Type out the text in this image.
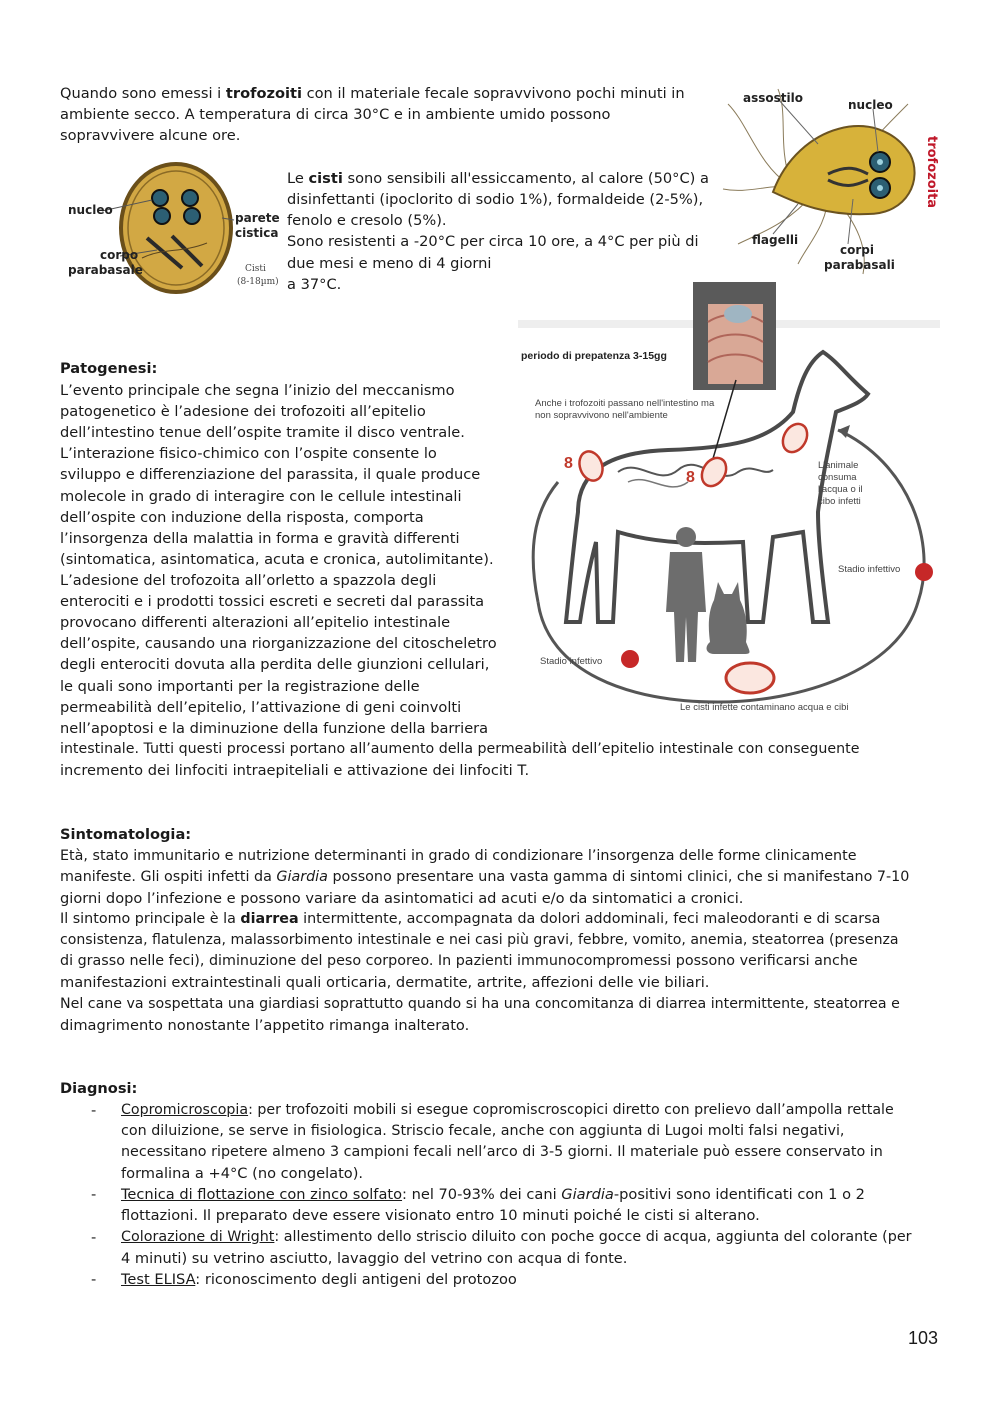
Quando sono emessi i trofozoiti con il materiale fecale sopravvivono pochi minuti in
ambiente secco. A temperatura di circa 30°C e in ambiente umido possono
sopravvivere alcune ore.
assostilo	nucleo
flagelli
corpi
parabasali
trofozoita
nucleo
parete
cistica
corpo
parabasale	Cisti
(8-18µm)
Le cisti sono sensibili all'essiccamento, al calore (50°C) a
disinfettanti (ipoclorito di sodio 1%), formaldeide (2-5%),
fenolo e cresolo (5%).
Sono resistenti a -20°C per circa 10 ore, a 4°C per più di
due mesi e meno di 4 giorni
a 37°C.
periodo di prepatenza 3-15gg
Anche i trofozoiti passano nell'intestino ma
non sopravvivono nell'ambiente
8
8
L'animale
consuma
l'acqua o il
cibo infetti
Stadio infettivo
Stadio infettivo
Le cisti infette contaminano acqua e cibi
Patogenesi:
L’evento principale che segna l’inizio del meccanismo
patogenetico è l’adesione dei trofozoiti all’epitelio
dell’intestino tenue dell’ospite tramite il disco ventrale.
L’interazione fisico-chimico con l’ospite consente lo
sviluppo e differenziazione del parassita, il quale produce
molecole in grado di interagire con le cellule intestinali
dell’ospite con induzione della risposta, comporta
l’insorgenza della malattia in forma e gravità differenti
(sintomatica, asintomatica, acuta e cronica, autolimitante).
L’adesione del trofozoita all’orletto a spazzola degli
enterociti e i prodotti tossici escreti e secreti dal parassita
provocano differenti alterazioni all’epitelio intestinale
dell’ospite, causando una riorganizzazione del citoscheletro
degli enterociti dovuta alla perdita delle giunzioni cellulari,
le quali sono importanti per la registrazione delle
permeabilità dell’epitelio, l’attivazione di geni coinvolti
nell’apoptosi e la diminuzione della funzione della barriera
intestinale. Tutti questi processi portano all’aumento della permeabilità dell’epitelio intestinale con conseguente
incremento dei linfociti intraepiteliali e attivazione dei linfociti T.
Sintomatologia:
Età, stato immunitario e nutrizione determinanti in grado di condizionare l’insorgenza delle forme clinicamente
manifeste. Gli ospiti infetti da Giardia possono presentare una vasta gamma di sintomi clinici, che si manifestano 7-10
giorni dopo l’infezione e possono variare da asintomatici ad acuti e/o da sintomatici a cronici.
Il sintomo principale è la diarrea intermittente, accompagnata da dolori addominali, feci maleodoranti e di scarsa
consistenza, flatulenza, malassorbimento intestinale e nei casi più gravi, febbre, vomito, anemia, steatorrea (presenza
di grasso nelle feci), diminuzione del peso corporeo. In pazienti immunocompromessi possono verificarsi anche
manifestazioni extraintestinali quali orticaria, dermatite, artrite, affezioni delle vie biliari.
Nel cane va sospettata una giardiasi soprattutto quando si ha una concomitanza di diarrea intermittente, steatorrea e
dimagrimento nonostante l’appetito rimanga inalterato.
Diagnosi:
- Copromicroscopia: per trofozoiti mobili si esegue copromiscroscopici diretto con prelievo dall’ampolla rettale
con diluizione, se serve in fisiologica. Striscio fecale, anche con aggiunta di Lugoi molti falsi negativi,
necessitano ripetere almeno 3 campioni fecali nell’arco di 3-5 giorni. Il materiale può essere conservato in
formalina a +4°C (no congelato).
- Tecnica di flottazione con zinco solfato: nel 70-93% dei cani Giardia-positivi sono identificati con 1 o 2
flottazioni. Il preparato deve essere visionato entro 10 minuti poiché le cisti si alterano.
- Colorazione di Wright: allestimento dello striscio diluito con poche gocce di acqua, aggiunta del colorante (per
4 minuti) su vetrino asciutto, lavaggio del vetrino con acqua di fonte.
- Test ELISA: riconoscimento degli antigeni del protozoo
103
